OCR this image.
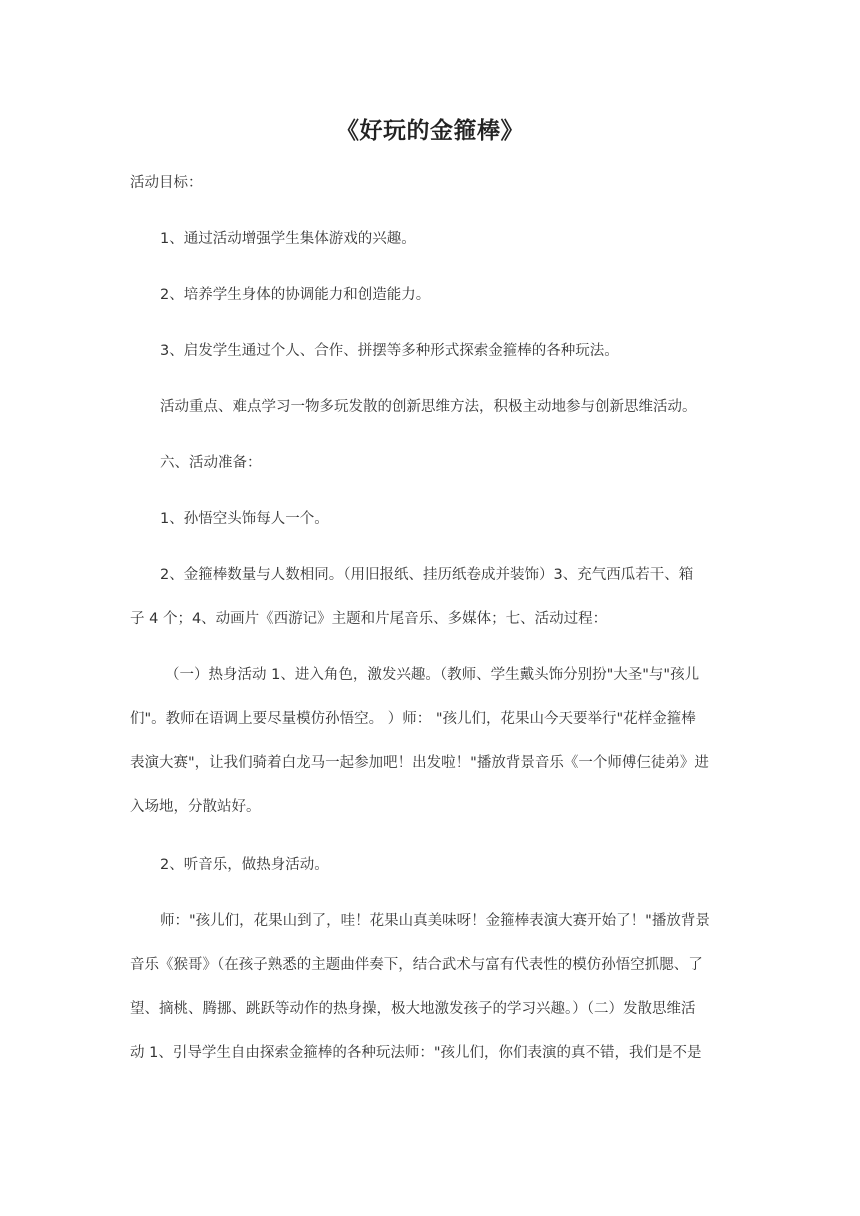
《好玩的金箍棒》
活动目标：
1、通过活动增强学生集体游戏的兴趣。
2、培养学生身体的协调能力和创造能力。
3、启发学生通过个人、合作、拼摆等多种形式探索金箍棒的各种玩法。
活动重点、难点学习一物多玩发散的创新思维方法，积极主动地参与创新思维活动。
六、活动准备：
1、孙悟空头饰每人一个。
2、金箍棒数量与人数相同。（用旧报纸、挂历纸卷成并装饰）3、充气西瓜若干、箱
子 4 个；4、动画片《西游记》主题和片尾音乐、多媒体；七、活动过程：
（一）热身活动 1、进入角色，激发兴趣。（教师、学生戴头饰分别扮"大圣"与"孩儿
们"。教师在语调上要尽量模仿孙悟空。 ）师： "孩儿们，花果山今天要举行"花样金箍棒
表演大赛"，让我们骑着白龙马一起参加吧！出发啦！"播放背景音乐《一个师傅仨徒弟》进
入场地，分散站好。
2、听音乐，做热身活动。
师："孩儿们，花果山到了，哇！花果山真美味呀！金箍棒表演大赛开始了！"播放背景
音乐《猴哥》（在孩子熟悉的主题曲伴奏下，结合武术与富有代表性的模仿孙悟空抓腮、了
望、摘桃、腾挪、跳跃等动作的热身操，极大地激发孩子的学习兴趣。）（二）发散思维活
动 1、引导学生自由探索金箍棒的各种玩法师："孩儿们，你们表演的真不错，我们是不是
